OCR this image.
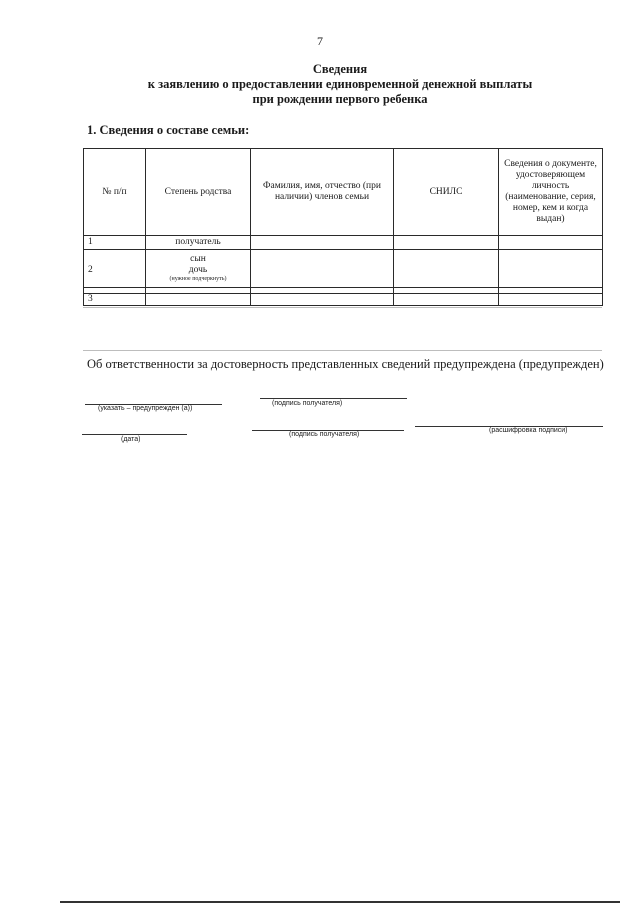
7
Сведения
к заявлению о предоставлении единовременной денежной выплаты
при рождении первого ребенка
1. Сведения о составе семьи:
№ п/п	Степень родства	Фамилия, имя, отчество (при наличии) членов семьи	СНИЛС	Сведения о документе, удостоверяющем личность (наименование, серия, номер, кем и когда выдан)
1	получатель			
2	сын
дочь
(нужное подчеркнуть)			

3				
Об ответственности за достоверность представленных сведений предупреждена (предупрежден)
(указать – предупрежден (а))
(подпись получателя)
(дата)
(подпись получателя)
(расшифровка подписи)
